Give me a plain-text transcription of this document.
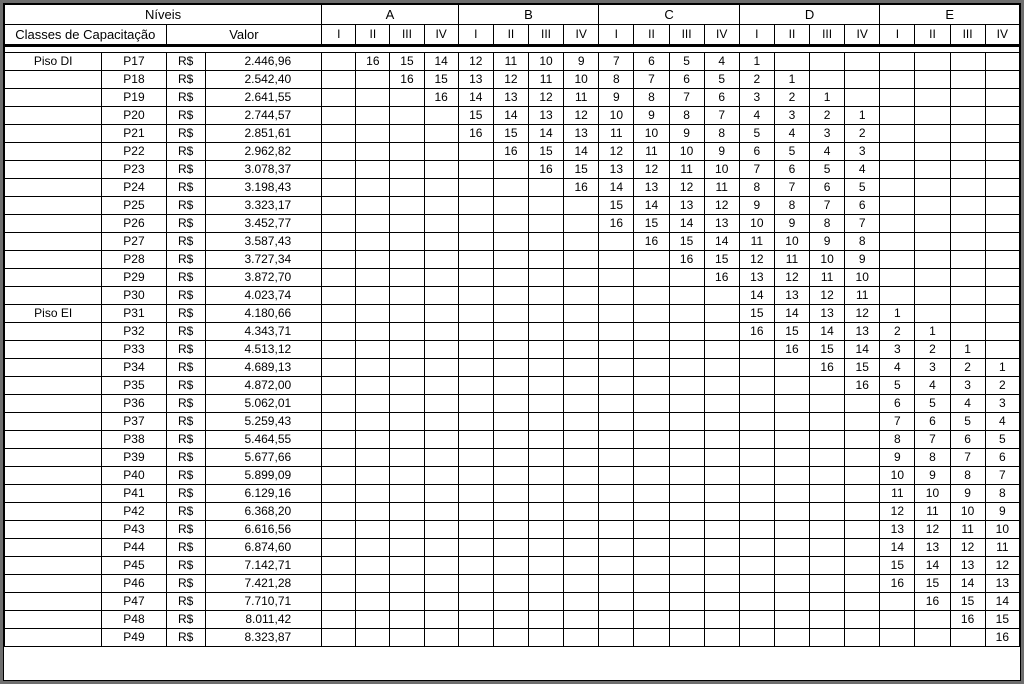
Níveis				A				B				C				D				E			
Classes de Capacitação		Valor		I	II	III	IV	I	II	III	IV	I	II	III	IV	I	II	III	IV	I	II	III	IV

Piso DI	P17	R$	2.446,96		16	15	14	12	11	10	9	7	6	5	4	1							
	P18	R$	2.542,40			16	15	13	12	11	10	8	7	6	5	2	1						
	P19	R$	2.641,55				16	14	13	12	11	9	8	7	6	3	2	1					
	P20	R$	2.744,57					15	14	13	12	10	9	8	7	4	3	2	1				
	P21	R$	2.851,61					16	15	14	13	11	10	9	8	5	4	3	2				
	P22	R$	2.962,82						16	15	14	12	11	10	9	6	5	4	3				
	P23	R$	3.078,37							16	15	13	12	11	10	7	6	5	4				
	P24	R$	3.198,43								16	14	13	12	11	8	7	6	5				
	P25	R$	3.323,17									15	14	13	12	9	8	7	6				
	P26	R$	3.452,77									16	15	14	13	10	9	8	7				
	P27	R$	3.587,43										16	15	14	11	10	9	8				
	P28	R$	3.727,34											16	15	12	11	10	9				
	P29	R$	3.872,70												16	13	12	11	10				
	P30	R$	4.023,74													14	13	12	11				
Piso EI	P31	R$	4.180,66													15	14	13	12	1			
	P32	R$	4.343,71													16	15	14	13	2	1		
	P33	R$	4.513,12														16	15	14	3	2	1	
	P34	R$	4.689,13															16	15	4	3	2	1
	P35	R$	4.872,00																16	5	4	3	2
	P36	R$	5.062,01																	6	5	4	3
	P37	R$	5.259,43																	7	6	5	4
	P38	R$	5.464,55																	8	7	6	5
	P39	R$	5.677,66																	9	8	7	6
	P40	R$	5.899,09																	10	9	8	7
	P41	R$	6.129,16																	11	10	9	8
	P42	R$	6.368,20																	12	11	10	9
	P43	R$	6.616,56																	13	12	11	10
	P44	R$	6.874,60																	14	13	12	11
	P45	R$	7.142,71																	15	14	13	12
	P46	R$	7.421,28																	16	15	14	13
	P47	R$	7.710,71																		16	15	14
	P48	R$	8.011,42																			16	15
	P49	R$	8.323,87																				16
